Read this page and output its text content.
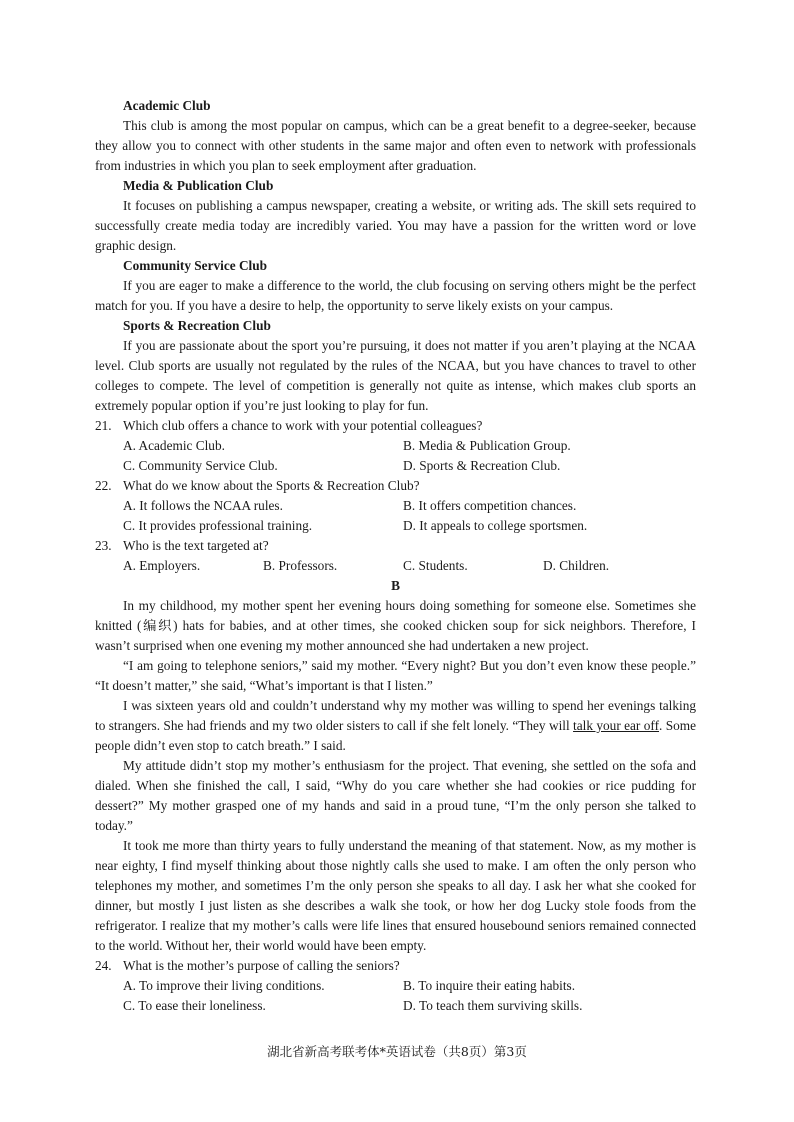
Academic Club

This club is among the most popular on campus, which can be a great benefit to a degree-seeker, because they allow you to connect with other students in the same major and often even to network with professionals from industries in which you plan to seek employment after graduation.

Media & Publication Club

It focuses on publishing a campus newspaper, creating a website, or writing ads. The skill sets required to successfully create media today are incredibly varied. You may have a passion for the written word or love graphic design.

Community Service Club

If you are eager to make a difference to the world, the club focusing on serving others might be the perfect match for you. If you have a desire to help, the opportunity to serve likely exists on your campus.

Sports & Recreation Club

If you are passionate about the sport you’re pursuing, it does not matter if you aren’t playing at the NCAA level. Club sports are usually not regulated by the rules of the NCAA, but you have chances to travel to other colleges to compete. The level of competition is generally not quite as intense, which makes club sports an extremely popular option if you’re just looking to play for fun.

21. Which club offers a chance to work with your potential colleagues?

A. Academic Club.	B. Media & Publication Group.
C. Community Service Club.	D. Sports & Recreation Club.

22. What do we know about the Sports & Recreation Club?

A. It follows the NCAA rules.	B. It offers competition chances.
C. It provides professional training.	D. It appeals to college sportsmen.

23. Who is the text targeted at?

A. Employers.	B. Professors.	C. Students.	D. Children.
B

In my childhood, my mother spent her evening hours doing something for someone else. Sometimes she knitted (编织) hats for babies, and at other times, she cooked chicken soup for sick neighbors. Therefore, I wasn’t surprised when one evening my mother announced she had undertaken a new project.

“I am going to telephone seniors,” said my mother. “Every night? But you don’t even know these people.” “It doesn’t matter,” she said, “What’s important is that I listen.”

I was sixteen years old and couldn’t understand why my mother was willing to spend her evenings talking to strangers. She had friends and my two older sisters to call if she felt lonely. “They will talk your ear off. Some people didn’t even stop to catch breath.” I said.

My attitude didn’t stop my mother’s enthusiasm for the project. That evening, she settled on the sofa and dialed. When she finished the call, I said, “Why do you care whether she had cookies or rice pudding for dessert?” My mother grasped one of my hands and said in a proud tune, “I’m the only person she talked to today.”

It took me more than thirty years to fully understand the meaning of that statement. Now, as my mother is near eighty, I find myself thinking about those nightly calls she used to make. I am often the only person who telephones my mother, and sometimes I’m the only person she speaks to all day. I ask her what she cooked for dinner, but mostly I just listen as she describes a walk she took, or how her dog Lucky stole foods from the refrigerator. I realize that my mother’s calls were life lines that ensured housebound seniors remained connected to the world. Without her, their world would have been empty.

24. What is the mother’s purpose of calling the seniors?

A. To improve their living conditions.	B. To inquire their eating habits.
C. To ease their loneliness.	D. To teach them surviving skills.
湖北省新高考联考体*英语试卷（共8页）第3页
